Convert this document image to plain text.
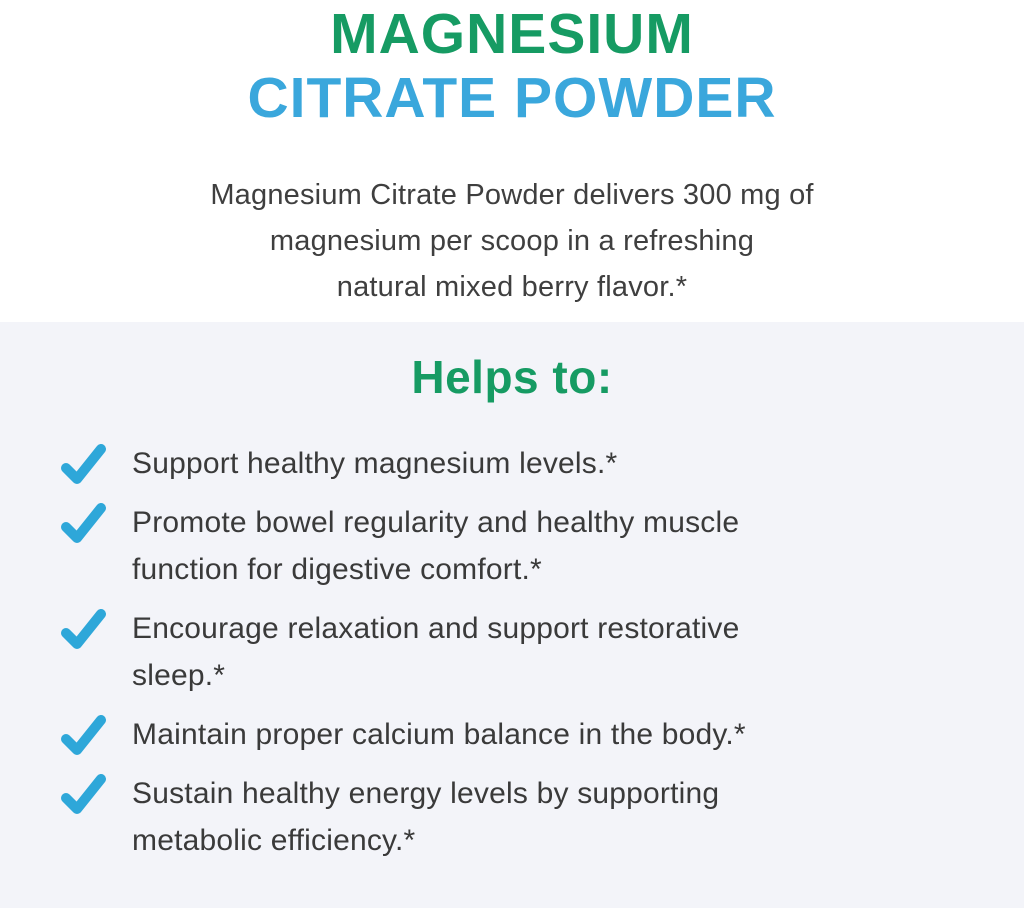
MAGNESIUM
CITRATE POWDER

Magnesium Citrate Powder delivers 300 mg of
magnesium per scoop in a refreshing
natural mixed berry flavor.*

Helps to:
Support healthy magnesium levels.*
Promote bowel regularity and healthy muscle
function for digestive comfort.*
Encourage relaxation and support restorative
sleep.*
Maintain proper calcium balance in the body.*
Sustain healthy energy levels by supporting
metabolic efficiency.*
